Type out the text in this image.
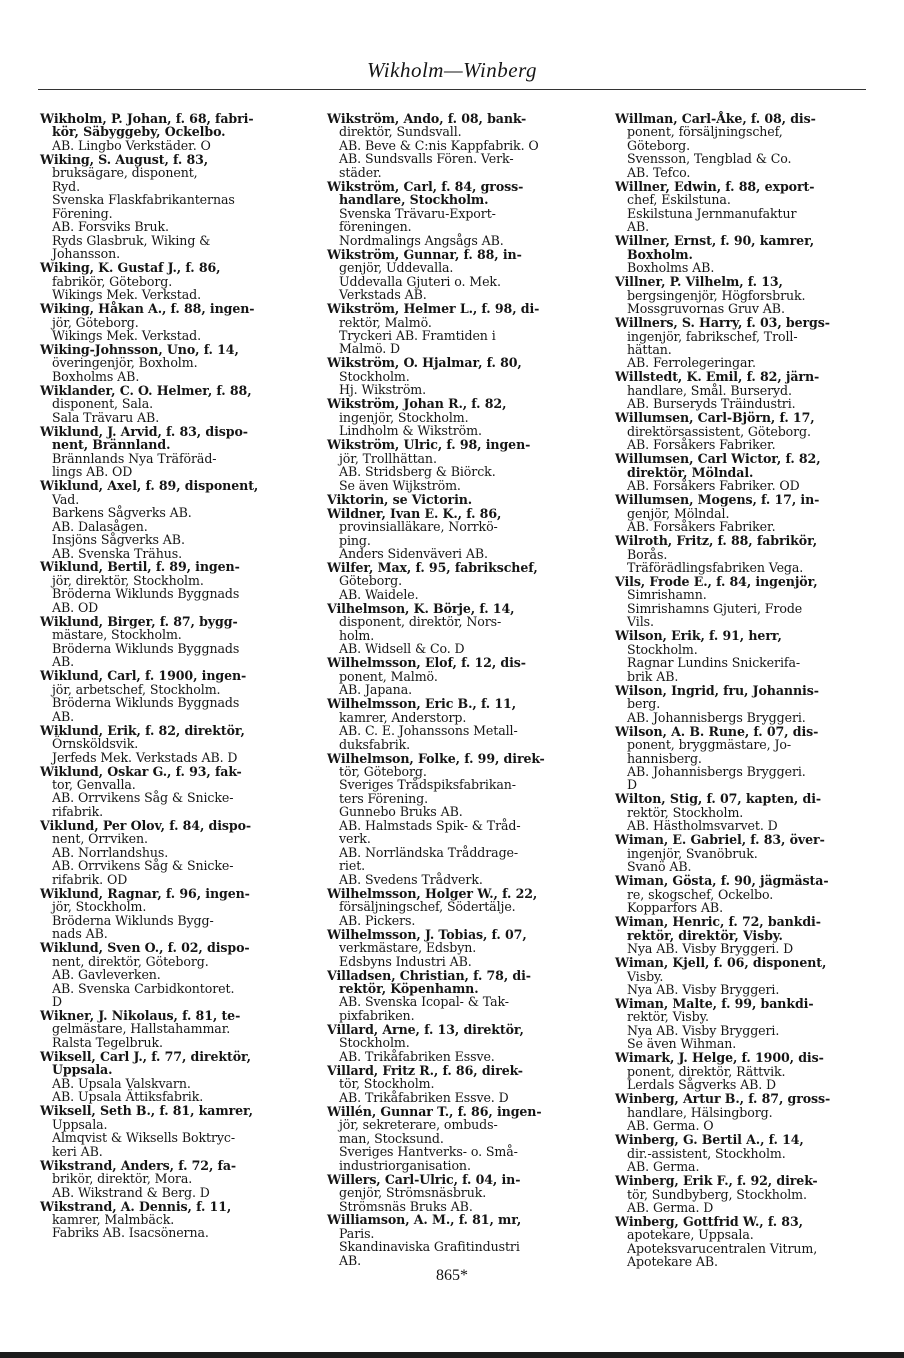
Wikholm—Winberg
Wikholm, P. Johan, f. 68, fabri-
kör, Säbyggeby, Ockelbo.
AB. Lingbo Verkstäder. O
Wiking, S. August, f. 83,
bruksägare, disponent,
Ryd.
Svenska Flaskfabrikanternas
Förening.
AB. Forsviks Bruk.
Ryds Glasbruk, Wiking &
Johansson.
Wiking, K. Gustaf J., f. 86,
fabrikör, Göteborg.
Wikings Mek. Verkstad.
Wiking, Håkan A., f. 88, ingen-
jör, Göteborg.
Wikings Mek. Verkstad.
Wiking-Johnsson, Uno, f. 14,
överingenjör, Boxholm.
Boxholms AB.
Wiklander, C. O. Helmer, f. 88,
disponent, Sala.
Sala Trävaru AB.
Wiklund, J. Arvid, f. 83, dispo-
nent, Brännland.
Brännlands Nya Träföräd-
lings AB. OD
Wiklund, Axel, f. 89, disponent,
Vad.
Barkens Sågverks AB.
AB. Dalasågen.
Insjöns Sågverks AB.
AB. Svenska Trähus.
Wiklund, Bertil, f. 89, ingen-
jör, direktör, Stockholm.
Bröderna Wiklunds Byggnads
AB. OD
Wiklund, Birger, f. 87, bygg-
mästare, Stockholm.
Bröderna Wiklunds Byggnads
AB.
Wiklund, Carl, f. 1900, ingen-
jör, arbetschef, Stockholm.
Bröderna Wiklunds Byggnads
AB.
Wiklund, Erik, f. 82, direktör,
Örnsköldsvik.
Jerfeds Mek. Verkstads AB. D
Wiklund, Oskar G., f. 93, fak-
tor, Genvalla.
AB. Orrvikens Såg & Snicke-
rifabrik.
Viklund, Per Olov, f. 84, dispo-
nent, Orrviken.
AB. Norrlandshus.
AB. Orrvikens Såg & Snicke-
rifabrik. OD
Wiklund, Ragnar, f. 96, ingen-
jör, Stockholm.
Bröderna Wiklunds Bygg-
nads AB.
Wiklund, Sven O., f. 02, dispo-
nent, direktör, Göteborg.
AB. Gavleverken.
AB. Svenska Carbidkontoret.
D
Wikner, J. Nikolaus, f. 81, te-
gelmästare, Hallstahammar.
Ralsta Tegelbruk.
Wiksell, Carl J., f. 77, direktör,
Uppsala.
AB. Upsala Valskvarn.
AB. Upsala Ättiksfabrik.
Wiksell, Seth B., f. 81, kamrer,
Uppsala.
Almqvist & Wiksells Boktryc-
keri AB.
Wikstrand, Anders, f. 72, fa-
brikör, direktör, Mora.
AB. Wikstrand & Berg. D
Wikstrand, A. Dennis, f. 11,
kamrer, Malmbäck.
Fabriks AB. Isacsönerna.
Wikström, Ando, f. 08, bank-
direktör, Sundsvall.
AB. Beve & C:nis Kappfabrik. O
AB. Sundsvalls Fören. Verk-
städer.
Wikström, Carl, f. 84, gross-
handlare, Stockholm.
Svenska Trävaru-Export-
föreningen.
Nordmalings Angsågs AB.
Wikström, Gunnar, f. 88, in-
genjör, Uddevalla.
Uddevalla Gjuteri o. Mek.
Verkstads AB.
Wikström, Helmer L., f. 98, di-
rektör, Malmö.
Tryckeri AB. Framtiden i
Malmö. D
Wikström, O. Hjalmar, f. 80,
Stockholm.
Hj. Wikström.
Wikström, Johan R., f. 82,
ingenjör, Stockholm.
Lindholm & Wikström.
Wikström, Ulric, f. 98, ingen-
jör, Trollhättan.
AB. Stridsberg & Biörck.
Se även Wijkström.
Viktorin, se Victorin.
Wildner, Ivan E. K., f. 86,
provinsialläkare, Norrkö-
ping.
Anders Sidenväveri AB.
Wilfer, Max, f. 95, fabrikschef,
Göteborg.
AB. Waidele.
Vilhelmson, K. Börje, f. 14,
disponent, direktör, Nors-
holm.
AB. Widsell & Co. D
Wilhelmsson, Elof, f. 12, dis-
ponent, Malmö.
AB. Japana.
Wilhelmsson, Eric B., f. 11,
kamrer, Anderstorp.
AB. C. E. Johanssons Metall-
duksfabrik.
Wilhelmson, Folke, f. 99, direk-
tör, Göteborg.
Sveriges Trådspiksfabrikan-
ters Förening.
Gunnebo Bruks AB.
AB. Halmstads Spik- & Tråd-
verk.
AB. Norrländska Tråddrage-
riet.
AB. Svedens Trådverk.
Wilhelmsson, Holger W., f. 22,
försäljningschef, Södertälje.
AB. Pickers.
Wilhelmsson, J. Tobias, f. 07,
verkmästare, Edsbyn.
Edsbyns Industri AB.
Villadsen, Christian, f. 78, di-
rektör, Köpenhamn.
AB. Svenska Icopal- & Tak-
pixfabriken.
Villard, Arne, f. 13, direktör,
Stockholm.
AB. Trikåfabriken Essve.
Villard, Fritz R., f. 86, direk-
tör, Stockholm.
AB. Trikåfabriken Essve. D
Willén, Gunnar T., f. 86, ingen-
jör, sekreterare, ombuds-
man, Stocksund.
Sveriges Hantverks- o. Små-
industriorganisation.
Willers, Carl-Ulric, f. 04, in-
genjör, Strömsnäsbruk.
Strömsnäs Bruks AB.
Williamson, A. M., f. 81, mr,
Paris.
Skandinaviska Grafitindustri
AB.
Willman, Carl-Åke, f. 08, dis-
ponent, försäljningschef,
Göteborg.
Svensson, Tengblad & Co.
AB. Tefco.
Willner, Edwin, f. 88, export-
chef, Eskilstuna.
Eskilstuna Jernmanufaktur
AB.
Willner, Ernst, f. 90, kamrer,
Boxholm.
Boxholms AB.
Villner, P. Vilhelm, f. 13,
bergsingenjör, Högforsbruk.
Mossgruvornas Gruv AB.
Willners, S. Harry, f. 03, bergs-
ingenjör, fabrikschef, Troll-
hättan.
AB. Ferrolegeringar.
Willstedt, K. Emil, f. 82, järn-
handlare, Smål. Burseryd.
AB. Burseryds Träindustri.
Willumsen, Carl-Björn, f. 17,
direktörsassistent, Göteborg.
AB. Forsåkers Fabriker.
Willumsen, Carl Wictor, f. 82,
direktör, Mölndal.
AB. Forsåkers Fabriker. OD
Willumsen, Mogens, f. 17, in-
genjör, Mölndal.
AB. Forsåkers Fabriker.
Wilroth, Fritz, f. 88, fabrikör,
Borås.
Träförädlingsfabriken Vega.
Vils, Frode E., f. 84, ingenjör,
Simrishamn.
Simrishamns Gjuteri, Frode
Vils.
Wilson, Erik, f. 91, herr,
Stockholm.
Ragnar Lundins Snickerifa-
brik AB.
Wilson, Ingrid, fru, Johannis-
berg.
AB. Johannisbergs Bryggeri.
Wilson, A. B. Rune, f. 07, dis-
ponent, bryggmästare, Jo-
hannisberg.
AB. Johannisbergs Bryggeri.
D
Wilton, Stig, f. 07, kapten, di-
rektör, Stockholm.
AB. Hästholmsvarvet. D
Wiman, E. Gabriel, f. 83, över-
ingenjör, Svanöbruk.
Svanö AB.
Wiman, Gösta, f. 90, jägmästa-
re, skogschef, Ockelbo.
Kopparfors AB.
Wiman, Henric, f. 72, bankdi-
rektör, direktör, Visby.
Nya AB. Visby Bryggeri. D
Wiman, Kjell, f. 06, disponent,
Visby.
Nya AB. Visby Bryggeri.
Wiman, Malte, f. 99, bankdi-
rektör, Visby.
Nya AB. Visby Bryggeri.
Se även Wihman.
Wimark, J. Helge, f. 1900, dis-
ponent, direktör, Rättvik.
Lerdals Sågverks AB. D
Winberg, Artur B., f. 87, gross-
handlare, Hälsingborg.
AB. Germa. O
Winberg, G. Bertil A., f. 14,
dir.-assistent, Stockholm.
AB. Germa.
Winberg, Erik F., f. 92, direk-
tör, Sundbyberg, Stockholm.
AB. Germa. D
Winberg, Gottfrid W., f. 83,
apotekare, Uppsala.
Apoteksvarucentralen Vitrum,
Apotekare AB.
865*
